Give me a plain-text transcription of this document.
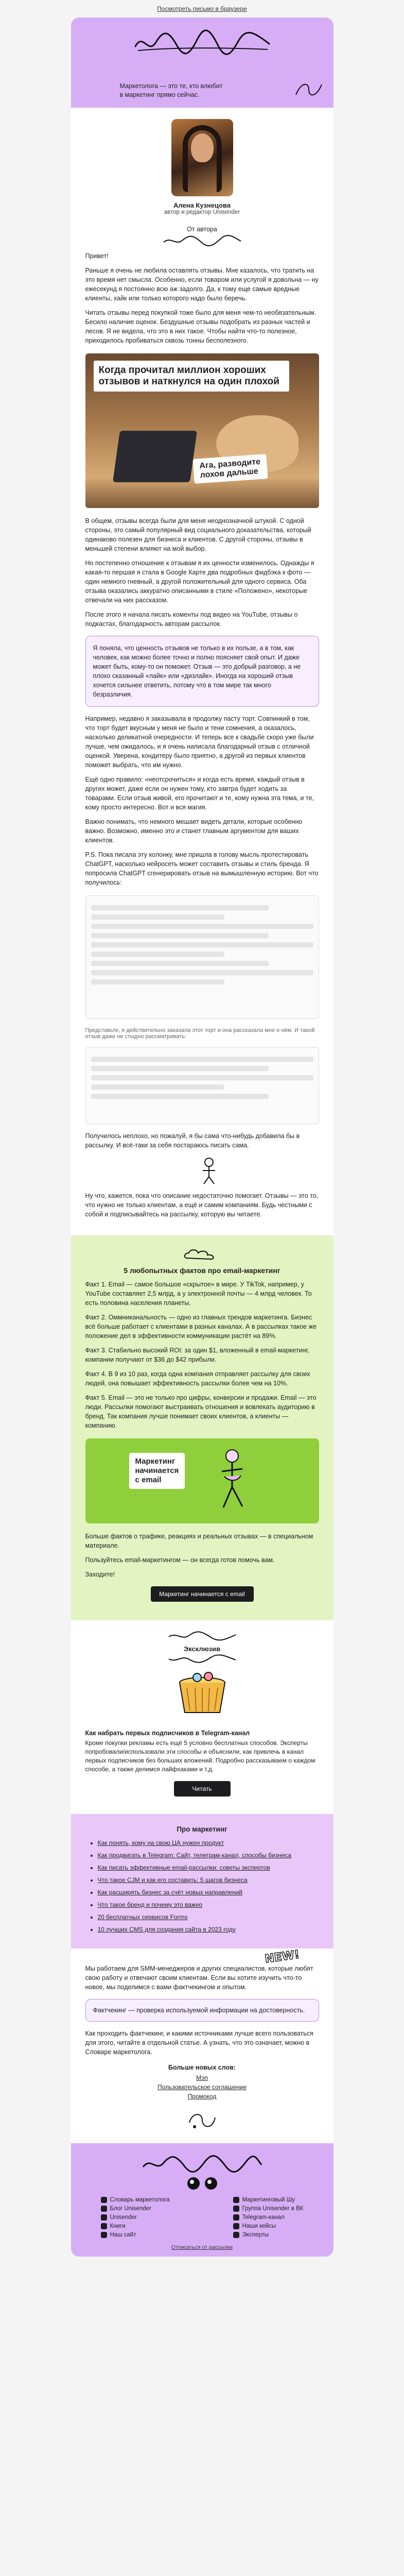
Посмотреть письмо в браузере
Маркетолога — это те, кто влюбит
в маркетинг прямо сейчас.
Алена Кузнецова
автор и редактор Unisender
От автора

Привет!

Раньше я очень не любила оставлять отзывы. Мне казалось, что тратить на это время нет смысла. Особенно, если товаром или услугой я довольна — ну ежесекунд я постоянно всю аж задолго. Да, к тому еще самые вредные клиенты, хайк или только которого надо было беречь.

Читать отзывы перед покупкой тоже было для меня чем-то необязательным. Бесило наличие оценок. Бездушные отзывы подобрать из разных частей и лесов. Я не видела, что это в них такое. Чтобы найти что-то полезное, приходилось пробиваться сквозь тонны бесполезного.

Когда прочитал миллион хороших отзывов и наткнулся на один плохой
Ага, разводите
лохов дальше

В общем, отзывы всегда были для меня неоднозначной штукой. С одной стороны, это самый популярный вид социального доказательства, который одинаково полезен для бизнеса и клиентов. С другой стороны, отзывы в меньшей степени влияют на мой выбор.

Но постепенно отношение к отзывам я их ценности изменилось. Однажды я какая-то першая я стала в Google Карте два подробных фидбэка к фото — один немного гневный, а другой положительный для одного сервиса. Оба отзыва оказались аккуратно описанными в стиле «Положено», некоторые отвечали на них рассказом.

После этого я начала писать коменты под видео на YouTube, отзывы о подкастах, благодарность авторам рассылок.

Я поняла, что ценность отзывов не только в их пользе, а в том, как человек, как можно более точно и полно поясняет свой опыт. И даже может быть, кому-то он поможет. Отзыв — это добрый разговор, а не плохо сказанный «лайк» или «дизлайк». Иногда на хороший отзыв хочется сильнее ответить, потому что в том мире так много безразличия.

Например, недавно я заказывала в продолжу пасту торт. Совпинкий в том, что торт будет вкусным у меня не было и тени сомнения, а оказалось, насколько деликатной очередности. И теперь все к свадьбе скоро уже были лучше, чем ожидалось, и я очень написала благодарный отзыв с отличной оценкой. Уверена, кондитеру было приятно, а другой из первых клиентов поможет выбрать, что им нужно.

Ещё одно правило: «неотсрочиться» и когда есть время, каждый отзыв в других может, даже если он нужен тому, кто завтра будет ходить за товарами. Если отзыв живой, его прочитают и те, кому нужна эта тема, и те, кому просто интересно. Вот и вся магия.

Важно понимать, что немного мешает видеть детали, которые особенно важно. Возможно, именно это и станет главным аргументом для ваших клиентов.

P.S. Пока писала эту колонку, мне пришла в голову мысль протестировать ChatGPT, насколько нейросеть может составить отзывы и стиль бренда. Я попросила ChatGPT сгенерировать отзыв на вымышленную историю. Вот что получилось:

Представьте, я действительно заказала этот торт и она рассказала мне о нём. И такой отзыв даже не стыдно рассматривать:

Получилось неплохо, но пожалуй, я бы сама что-нибудь добавила бы в рассылку. И всё-таки за себя постараюсь писать сама.

Ну что, кажется, пока что описание недостаточно помогает. Отзывы — это то, что нужно не только клиентам, а ещё и самим компаниям. Будь честными с собой и подписывайтесь на рассылку, которую вы читаете.

5 любопытных фактов про email-маркетинг

Факт 1. Email — самое большое «скрытое» в мире. У TikTok, например, у YouTube составляет 2,5 млрд, а у электронной почты — 4 млрд человек. То есть половина населения планеты.

Факт 2. Оммниканальность — одно из главных трендов маркетинга. Бизнес всё больше работает с клиентами в разных каналах. А в рассылках такое же положение дел в эффективности коммуникации растёт на 89%.

Факт 3. Стабильно высокий ROI: за один $1, вложенный в email-маркетинг, компании получают от $36 до $42 прибыли.

Факт 4. В 9 из 10 раз, когда одна компания отправляет рассылку для своих людей, она повышает эффективность рассылки более чем на 10%.

Факт 5. Email — это не только про цифры, конверсии и продажи. Email — это люди. Рассылки помогают выстраивать отношения и вовлекать аудиторию в бренд. Так компания лучше понимает своих клиентов, а клиенты — компанию.

Маркетинг
начинается
с email

Больше фактов о трафике, реакциях и реальных отзывах — в специальном материале.

Пользуйтесь email-маркетингом — он всегда готов помочь вам.

Заходите!

Маркетинг начинается с email
Эксклюзив
Как набрать первых подписчиков в Telegram-канал
Кроме покупки рекламы есть ещё 5 условно бесплатных способов. Эксперты попробовали/использовали эти способы и объяснили, как привлечь в канал первых подписчиков без больших вложений. Подробно рассказываем о каждом способе, а также делимся лайфхаками и т.д.
Читать
Про маркетинг
• Как понять, кому на свою ЦА нужен продукт
• Как продвигать в Telegram: Сайт, телеграм-канал, способы бизнеса
• Как писать эффективные email-рассылки: советы экспертов
• Что такое CJM и как его составить: 5 шагов бизнеса
• Как расширять бизнес за счёт новых направлений
• Что такое бренд и почему это важно
• 20 бесплатных сервисов Forms
• 10 лучших CMS для создания сайта в 2023 году
NEW!

Мы работаем для SMM-менеджеров и других специалистов, которые любят свою работу и отвечают своим клиентам. Если вы хотите изучить что-то новое, мы поделимся с вами фактчекингом и опытом.

Фактчекинг — проверка используемой информации на достоверность.

Как проходить фактчекинг, и какими источниками лучше всего пользоваться для этого, читайте в отдельной статье. А узнать, что это означает, можно в Словаре маркетолога.

Больше новых слов:
Мэп
Пользовательское соглашение
Промокод
Словарь маркетолога
Блог Unisender
Unisender
Книги
Наш сайт
Маркетинговый Шу
Группа Unisender в ВК
Telegram-канал
Наши кейсы
Эксперты
Отписаться от рассылки
